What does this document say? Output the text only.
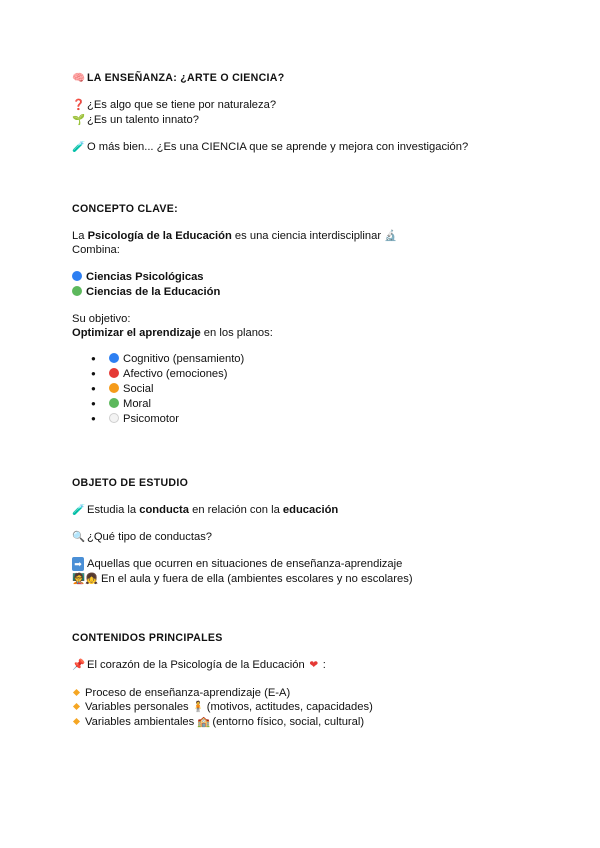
🧠 LA ENSEÑANZA: ¿ARTE O CIENCIA?
❓ ¿Es algo que se tiene por naturaleza?
🌱 ¿Es un talento innato?
🧪 O más bien... ¿Es una CIENCIA que se aprende y mejora con investigación?
CONCEPTO CLAVE:
La Psicología de la Educación es una ciencia interdisciplinar 🔬
Combina:
Ciencias Psicológicas
Ciencias de la Educación
Su objetivo:
Optimizar el aprendizaje en los planos:
●	Cognitivo (pensamiento)
●	Afectivo (emociones)
●	Social
●	Moral
●	Psicomotor
OBJETO DE ESTUDIO
🧪 Estudia la conducta en relación con la educación
🔍 ¿Qué tipo de conductas?
➡ Aquellas que ocurren en situaciones de enseñanza-aprendizaje
🧑‍🏫👧 En el aula y fuera de ella (ambientes escolares y no escolares)
CONTENIDOS PRINCIPALES
📌 El corazón de la Psicología de la Educación ❤ :
Proceso de enseñanza-aprendizaje (E-A)
Variables personales 🧍 (motivos, actitudes, capacidades)
Variables ambientales 🏫 (entorno físico, social, cultural)
